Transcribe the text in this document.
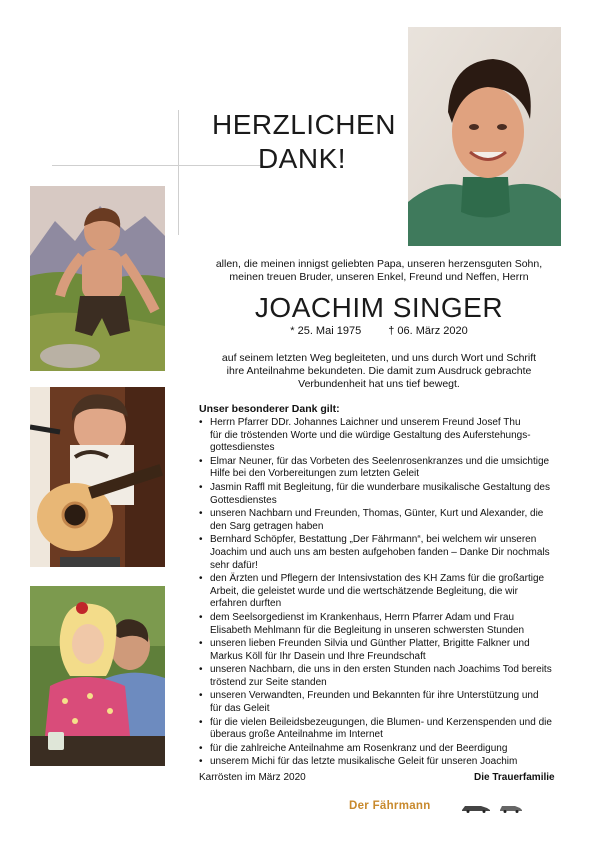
HERZLICHEN
DANK!
allen, die meinen innigst geliebten Papa, unseren herzensguten Sohn,
meinen treuen Bruder, unseren Enkel, Freund und Neffen, Herrn
JOACHIM SINGER
* 25. Mai 1975 † 06. März 2020
auf seinem letzten Weg begleiteten, und uns durch Wort und Schrift
ihre Anteilnahme bekundeten. Die damit zum Ausdruck gebrachte
Verbundenheit hat uns tief bewegt.
Unser besonderer Dank gilt:
• Herrn Pfarrer DDr. Johannes Laichner und unserem Freund Josef Thu
für die tröstenden Worte und die würdige Gestaltung des Auferstehungs-
gottesdienstes
• Elmar Neuner, für das Vorbeten des Seelenrosenkranzes und die umsichtige
Hilfe bei den Vorbereitungen zum letzten Geleit
• Jasmin Raffl mit Begleitung, für die wunderbare musikalische Gestaltung des
Gottesdienstes
• unseren Nachbarn und Freunden, Thomas, Günter, Kurt und Alexander, die
den Sarg getragen haben
• Bernhard Schöpfer, Bestattung „Der Fährmann“, bei welchem wir unseren
Joachim und auch uns am besten aufgehoben fanden – Danke Dir nochmals
sehr dafür!
• den Ärzten und Pflegern der Intensivstation des KH Zams für die großartige
Arbeit, die geleistet wurde und die wertschätzende Begleitung, die wir
erfahren durften
• dem Seelsorgedienst im Krankenhaus, Herrn Pfarrer Adam und Frau
Elisabeth Mehlmann für die Begleitung in unseren schwersten Stunden
• unseren lieben Freunden Silvia und Günther Platter, Brigitte Falkner und
Markus Köll für Ihr Dasein und Ihre Freundschaft
• unseren Nachbarn, die uns in den ersten Stunden nach Joachims Tod bereits
tröstend zur Seite standen
• unseren Verwandten, Freunden und Bekannten für ihre Unterstützung und
für das Geleit
• für die vielen Beileidsbezeugungen, die Blumen- und Kerzenspenden und die
überaus große Anteilnahme im Internet
• für die zahlreiche Anteilnahme am Rosenkranz und der Beerdigung
• unserem Michi für das letzte musikalische Geleit für unseren Joachim
Karrösten im März 2020	Die Trauerfamilie
Der Fährmann
